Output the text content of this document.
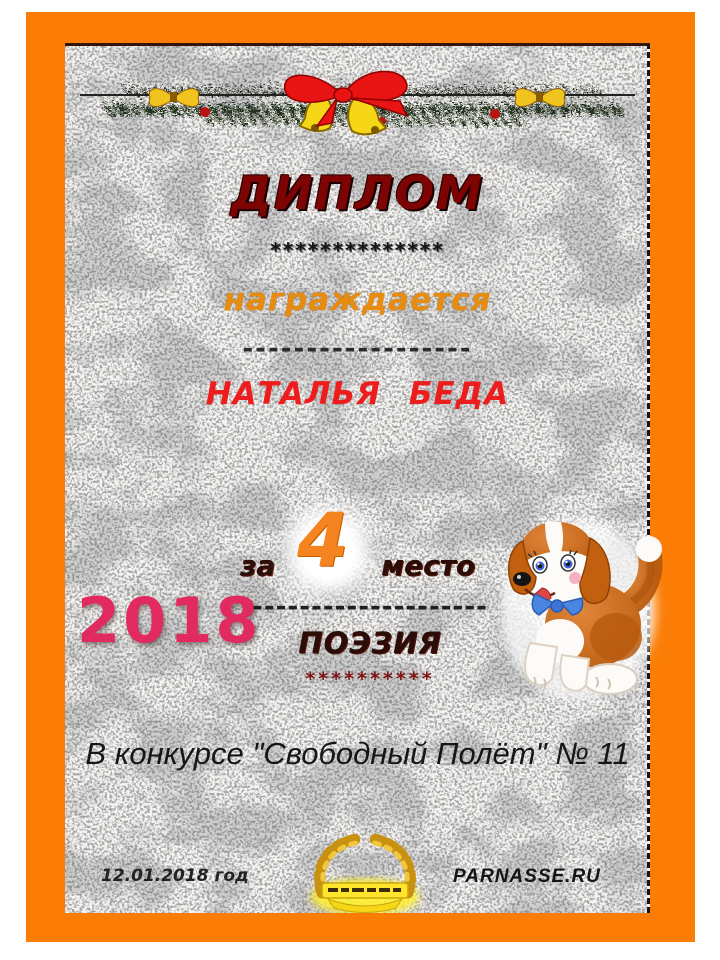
ДИПЛОМ
**************
награждается
------------------
НАТАЛЬЯ БЕДА
за 4	место
2018
--------------------
ПОЭЗИЯ
**********
В конкурсе "Свободный Полёт" № 11
12.01.2018 год	PARNASSE.RU
